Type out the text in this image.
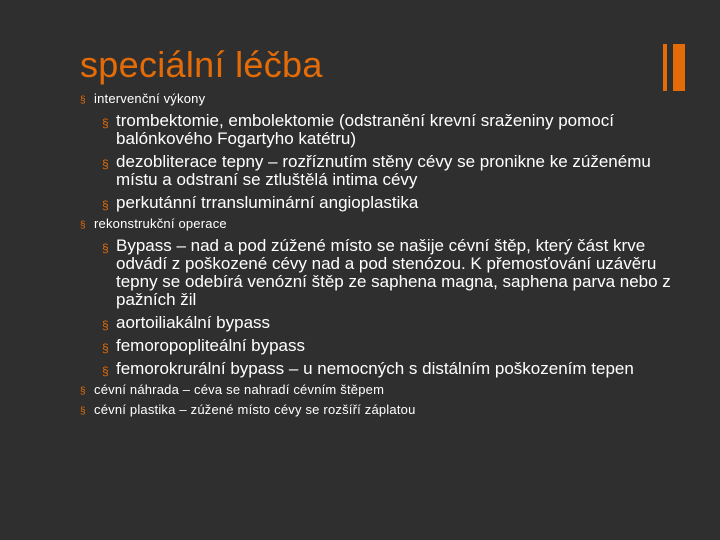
speciální léčba
§ intervenční výkony
§ trombektomie, embolektomie (odstranění krevní sraženiny pomocí balónkového Fogartyho katétru)
§ dezobliterace tepny – rozříznutím stěny cévy se pronikne ke zúženému místu a odstraní se ztluštělá intima cévy
§ perkutánní trransluminární angioplastika
§ rekonstrukční operace
§ Bypass – nad a pod zúžené místo se našije cévní štěp, který část krve odvádí z poškozené cévy nad a pod stenózou. K přemosťování uzávěru tepny se odebírá venózní štěp ze saphena magna, saphena parva nebo z pažních žil
§ aortoiliakální bypass
§ femoropopliteální bypass
§ femorokrurální bypass – u nemocných s distálním poškozením tepen
§ cévní náhrada – céva se nahradí cévním štěpem
§ cévní plastika – zúžené místo cévy se rozšíří záplatou
